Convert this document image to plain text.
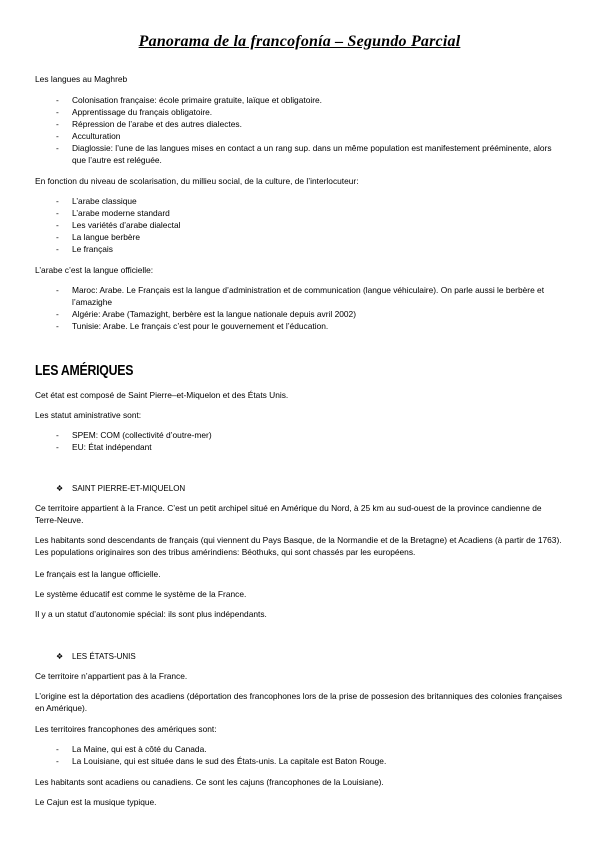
Panorama de la francofonía – Segundo Parcial
Les langues au Maghreb
- Colonisation française: école primaire gratuite, laïque et obligatoire.
- Apprentissage du français obligatoire.
- Répression de l’arabe et des autres dialectes.
- Acculturation
- Diaglossie: l’une de las langues mises en contact a un rang sup. dans un même population est manifestement prééminente, alors que l’autre est reléguée.
En fonction du niveau de scolarisation, du millieu social, de la culture, de l’interlocuteur:
- L’arabe classique
- L’arabe moderne standard
- Les variétés d’arabe dialectal
- La langue berbère
- Le français
L’arabe c’est la langue officielle:
- Maroc: Arabe. Le Français est la langue d’administration et de communication (langue véhiculaire). On parle aussi le berbère et l’amazighe
- Algérie: Arabe (Tamazight, berbère est la langue nationale depuis avril 2002)
- Tunisie: Arabe. Le français c’est pour le gouvernement et l’éducation.
LES AMÉRIQUES
Cet état est composé de Saint Pierre–et-Miquelon et des États Unis.
Les statut aministrative sont:
- SPEM: COM (collectivité d’outre-mer)
- EU: État indépendant
❖ SAINT PIERRE-ET-MIQUELON
Ce territoire appartient à la France. C’est un petit archipel situé en Amérique du Nord, à 25 km au sud-ouest de la province candienne de Terre-Neuve.
Les habitants sond descendants de français (qui viennent du Pays Basque, de la Normandie et de la Bretagne) et Acadiens (à partir de 1763). Les populations originaires son des tribus amérindiens: Béothuks, qui sont chassés par les européens.
Le français est la langue officielle.
Le système éducatif est comme le système de la France.
Il y a un statut d’autonomie spécial: ils sont plus indépendants.
❖ LES ÉTATS-UNIS
Ce territoire n’appartient pas à la France.
L’origine est la déportation des acadiens (déportation des francophones lors de la prise de possesion des britanniques des colonies françaises en Amérique).
Les territoires francophones des amériques sont:
- La Maine, qui est à côté du Canada.
- La Louisiane, qui est située dans le sud des États-unis. La capitale est Baton Rouge.
Les habitants sont acadiens ou canadiens. Ce sont les cajuns (francophones de la Louisiane).
Le Cajun est la musique typique.
